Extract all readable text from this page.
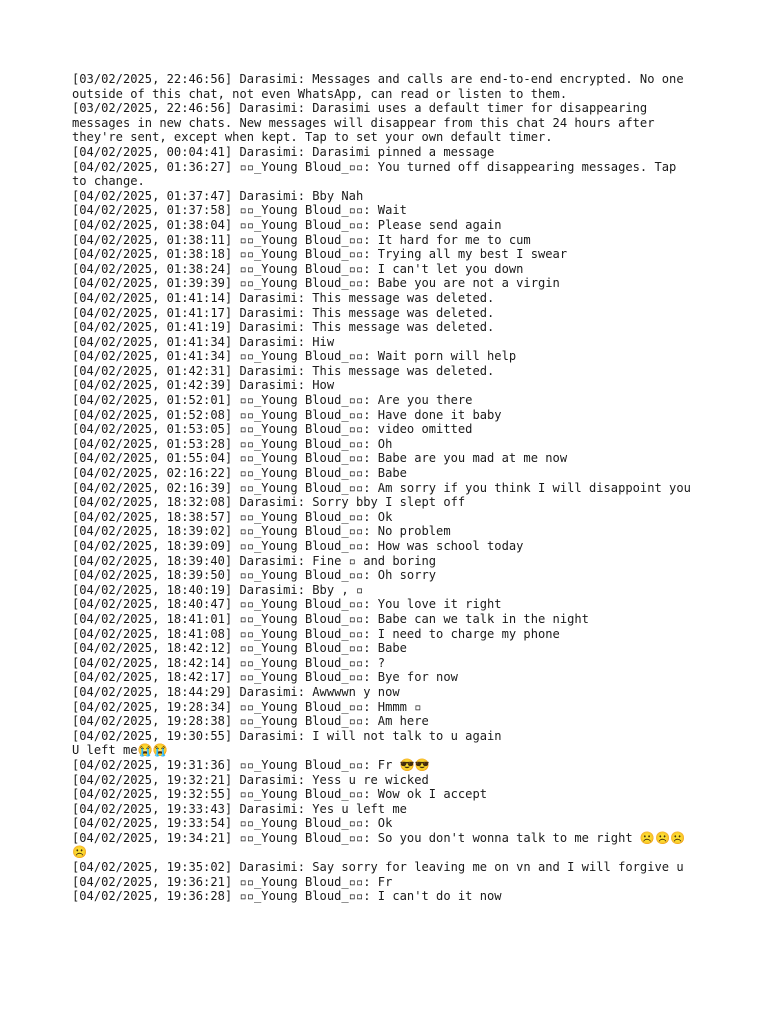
[03/02/2025, 22:46:56] Darasimi: Messages and calls are end-to-end encrypted. No one outside of this chat, not even WhatsApp, can read or listen to them.
[03/02/2025, 22:46:56] Darasimi: Darasimi uses a default timer for disappearing messages in new chats. New messages will disappear from this chat 24 hours after they're sent, except when kept. Tap to set your own default timer.
[04/02/2025, 00:04:41] Darasimi: Darasimi pinned a message
[04/02/2025, 01:36:27] ▫▫_Young Bloud_▫▫: You turned off disappearing messages. Tap to change.
[04/02/2025, 01:37:47] Darasimi: Bby Nah
[04/02/2025, 01:37:58] ▫▫_Young Bloud_▫▫: Wait
[04/02/2025, 01:38:04] ▫▫_Young Bloud_▫▫: Please send again
[04/02/2025, 01:38:11] ▫▫_Young Bloud_▫▫: It hard for me to cum
[04/02/2025, 01:38:18] ▫▫_Young Bloud_▫▫: Trying all my best I swear
[04/02/2025, 01:38:24] ▫▫_Young Bloud_▫▫: I can't let you down
[04/02/2025, 01:39:39] ▫▫_Young Bloud_▫▫: Babe you are not a virgin
[04/02/2025, 01:41:14] Darasimi: This message was deleted.
[04/02/2025, 01:41:17] Darasimi: This message was deleted.
[04/02/2025, 01:41:19] Darasimi: This message was deleted.
[04/02/2025, 01:41:34] Darasimi: Hiw
[04/02/2025, 01:41:34] ▫▫_Young Bloud_▫▫: Wait porn will help
[04/02/2025, 01:42:31] Darasimi: This message was deleted.
[04/02/2025, 01:42:39] Darasimi: How
[04/02/2025, 01:52:01] ▫▫_Young Bloud_▫▫: Are you there
[04/02/2025, 01:52:08] ▫▫_Young Bloud_▫▫: Have done it baby
[04/02/2025, 01:53:05] ▫▫_Young Bloud_▫▫: video omitted
[04/02/2025, 01:53:28] ▫▫_Young Bloud_▫▫: Oh
[04/02/2025, 01:55:04] ▫▫_Young Bloud_▫▫: Babe are you mad at me now
[04/02/2025, 02:16:22] ▫▫_Young Bloud_▫▫: Babe
[04/02/2025, 02:16:39] ▫▫_Young Bloud_▫▫: Am sorry if you think I will disappoint you
[04/02/2025, 18:32:08] Darasimi: Sorry bby I slept off
[04/02/2025, 18:38:57] ▫▫_Young Bloud_▫▫: Ok
[04/02/2025, 18:39:02] ▫▫_Young Bloud_▫▫: No problem
[04/02/2025, 18:39:09] ▫▫_Young Bloud_▫▫: How was school today
[04/02/2025, 18:39:40] Darasimi: Fine ▫ and boring
[04/02/2025, 18:39:50] ▫▫_Young Bloud_▫▫: Oh sorry
[04/02/2025, 18:40:19] Darasimi: Bby , ▫
[04/02/2025, 18:40:47] ▫▫_Young Bloud_▫▫: You love it right
[04/02/2025, 18:41:01] ▫▫_Young Bloud_▫▫: Babe can we talk in the night
[04/02/2025, 18:41:08] ▫▫_Young Bloud_▫▫: I need to charge my phone
[04/02/2025, 18:42:12] ▫▫_Young Bloud_▫▫: Babe
[04/02/2025, 18:42:14] ▫▫_Young Bloud_▫▫: ?
[04/02/2025, 18:42:17] ▫▫_Young Bloud_▫▫: Bye for now
[04/02/2025, 18:44:29] Darasimi: Awwwwn y now
[04/02/2025, 19:28:34] ▫▫_Young Bloud_▫▫: Hmmm ▫
[04/02/2025, 19:28:38] ▫▫_Young Bloud_▫▫: Am here
[04/02/2025, 19:30:55] Darasimi: I will not talk to u again
U left me😭😭
[04/02/2025, 19:31:36] ▫▫_Young Bloud_▫▫: Fr 😎😎
[04/02/2025, 19:32:21] Darasimi: Yess u re wicked
[04/02/2025, 19:32:55] ▫▫_Young Bloud_▫▫: Wow ok I accept
[04/02/2025, 19:33:43] Darasimi: Yes u left me
[04/02/2025, 19:33:54] ▫▫_Young Bloud_▫▫: Ok
[04/02/2025, 19:34:21] ▫▫_Young Bloud_▫▫: So you don't wonna talk to me right ☹️☹️☹️☹️
[04/02/2025, 19:35:02] Darasimi: Say sorry for leaving me on vn and I will forgive u
[04/02/2025, 19:36:21] ▫▫_Young Bloud_▫▫: Fr
[04/02/2025, 19:36:28] ▫▫_Young Bloud_▫▫: I can't do it now
